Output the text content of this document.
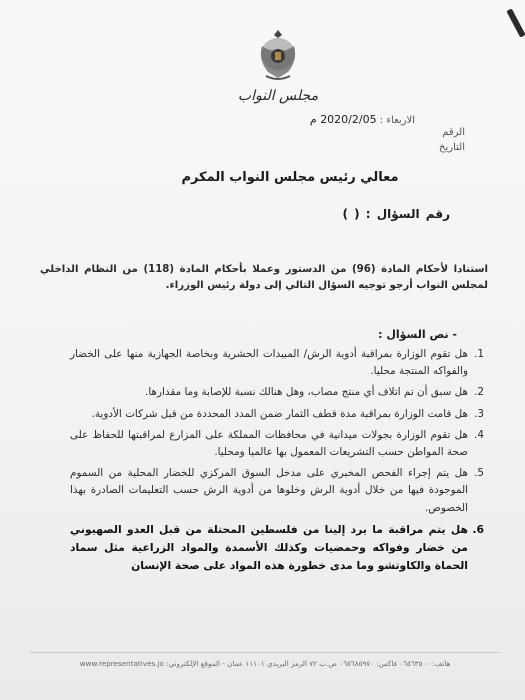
مجلس النواب
الاربعاء : 2020/2/05 م
الرقم
التاريخ
معالي رئيس مجلس النواب المكرم
رقم السؤال : ( )
استنادا لأحكام المادة (96) من الدستور وعملا بأحكام المادة (118) من النظام الداخلي لمجلس النواب أرجو توجيه السؤال التالي إلى دولة رئيس الوزراء.
- نص السؤال :
1.
هل تقوم الوزارة بمراقبة أدوية الرش/ المبيدات الحشرية وبخاصة الجهازية منها على الخضار والفواكه المنتجة محليا.
2.
هل سبق أن تم اتلاف أي منتج مصاب، وهل هنالك نسبة للإصابة وما مقدارها.
3.
هل قامت الوزارة بمراقبة مدة قطف الثمار ضمن المدد المحددة من قبل شركات الأدوية.
4.
هل تقوم الوزارة بجولات ميدانية في محافظات المملكة على المزارع لمراقبتها للحفاظ على صحة المواطن حسب التشريعات المعمول بها عالميا ومحليا.
5.
هل يتم إجراء الفحص المخبري على مدخل السوق المركزي للخضار المحلية من السموم الموجودة فيها من خلال أدوية الرش وخلوها من أدوية الرش حسب التعليمات الصادرة بهذا الخصوص.
6.
هل يتم مراقبة ما يرد إلينا من فلسطين المحتلة من قبل العدو الصهيوني من خضار وفواكه وحمضيات وكذلك الأسمدة والمواد الزراعية مثل سماد الحماة والكاوتشو وما مدى خطورة هذه المواد على صحة الإنسان
هاتف: ٠٦٥٦٣٥٠٠ فاكس: ٠٦٥٦٨٥٩٧٠ ص.ب ٧٢ الرمز البريدي ١١١٠١ عمان - الموقع الإلكتروني: www.representatives.jo
